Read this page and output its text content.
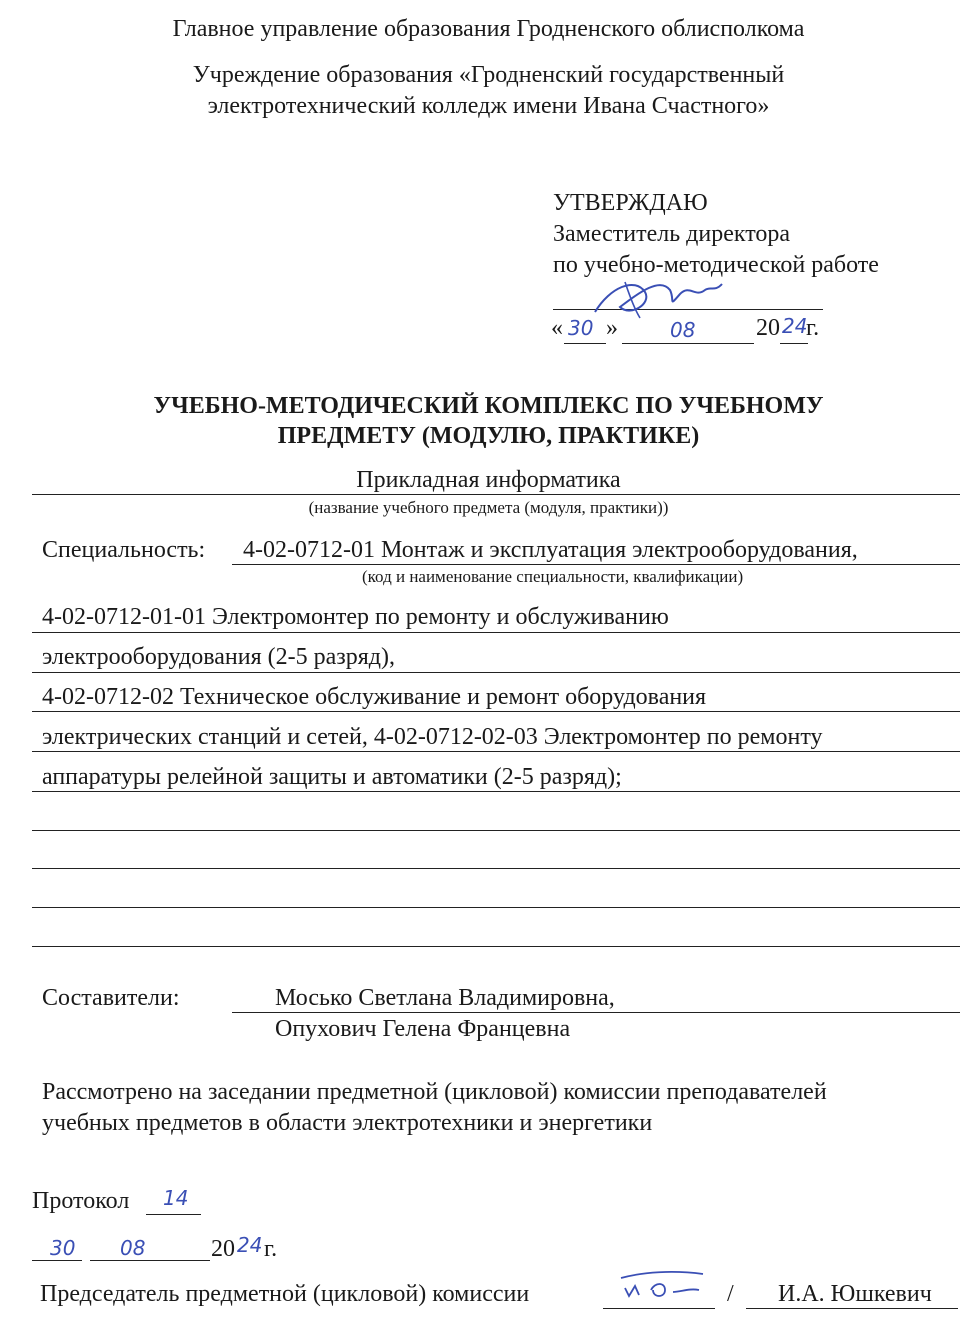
Главное управление образования Гродненского облисполкома
Учреждение образования «Гродненский государственный
электротехнический колледж имени Ивана Счастного»
УТВЕРЖДАЮ
Заместитель директора
по учебно-методической работе
« 30 »	08	20 24
г.
УЧЕБНО-МЕТОДИЧЕСКИЙ КОМПЛЕКС ПО УЧЕБНОМУ
ПРЕДМЕТУ (МОДУЛЮ, ПРАКТИКЕ)
Прикладная информатика
(название учебного предмета (модуля, практики))
Специальность: 4-02-0712-01 Монтаж и эксплуатация электрооборудования,
(код и наименование специальности, квалификации)
4-02-0712-01-01 Электромонтер по ремонту и обслуживанию
электрооборудования (2-5 разряд),
4-02-0712-02 Техническое обслуживание и ремонт оборудования
электрических станций и сетей, 4-02-0712-02-03 Электромонтер по ремонту
аппаратуры релейной защиты и автоматики (2-5 разряд);
Составители:	Мосько Светлана Владимировна,
Опухович Гелена Францевна
Рассмотрено на заседании предметной (цикловой) комиссии преподавателей
учебных предметов в области электротехники и энергетики
Протокол 14
30 08	20 24 г.
Председатель предметной (цикловой) комиссии	/ И.А. Юшкевич
